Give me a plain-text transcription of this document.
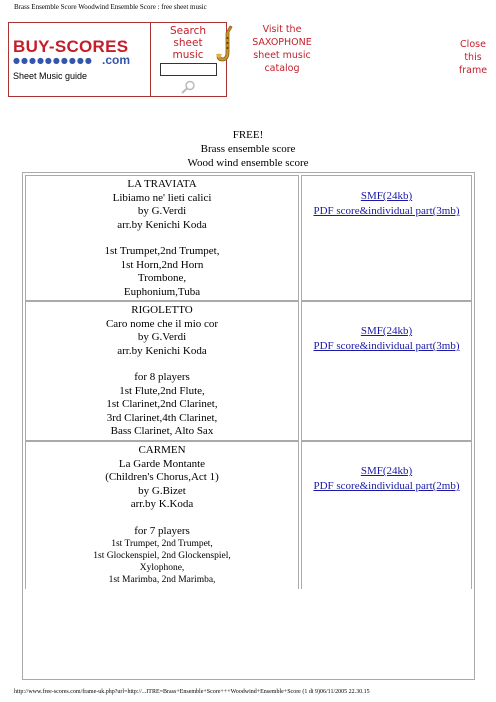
Brass Ensemble Score Woodwind Ensemble Score : free sheet music
BUY-SCORES
●●●●●●●●●● .com
Sheet Music guide
Search
sheet
music
Visit the
SAXOPHONE
sheet music
catalog
Close
this
frame
FREE!
Brass ensemble score
Wood wind ensemble score
LA TRAVIATA
Libiamo ne' lieti calici
by G.Verdi
arr.by Kenichi Koda
1st Trumpet,2nd Trumpet,
1st Horn,2nd Horn
Trombone,
Euphonium,Tuba
SMF(24kb)
PDF score&individual part(3mb)
RIGOLETTO
Caro nome che il mio cor
by G.Verdi
arr.by Kenichi Koda
for 8 players
1st Flute,2nd Flute,
1st Clarinet,2nd Clarinet,
3rd Clarinet,4th Clarinet,
Bass Clarinet, Alto Sax
SMF(24kb)
PDF score&individual part(3mb)
CARMEN
La Garde Montante
(Children's Chorus,Act 1)
by G.Bizet
arr.by K.Koda
for 7 players
1st Trumpet, 2nd Trumpet,
1st Glockenspiel, 2nd Glockenspiel,
Xylophone,
1st Marimba, 2nd Marimba,
SMF(24kb)
PDF score&individual part(2mb)
http://www.free-scores.com/frame-uk.php?url=http://...ITRE=Brass+Ensemble+Score+++Woodwind+Ensemble+Score (1 di 9)06/11/2005 22.30.15
